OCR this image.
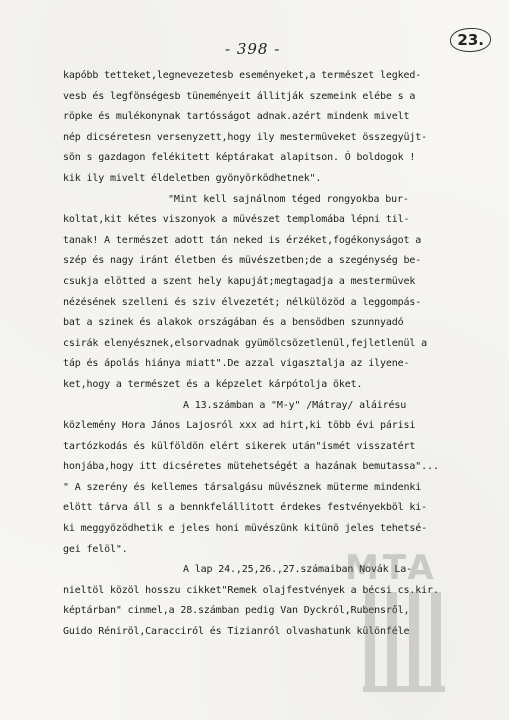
- 398 -	23.
kapóbb tetteket,legnevezetesb eseményeket,a természet legked-
vesb és legfönségesb tüneményeit állitják szemeink elébe s a
röpke és mulékonynak tartósságot adnak.azért mindenk mivelt
nép dicséretesn versenyzett,hogy ily mestermüveket összegyüjt-
sön s gazdagon felékitett képtárakat alapitson. Ó boldogok !
kik ily mivelt éldeletben gyönyörködhetnek".
"Mint kell sajnálnom téged rongyokba bur-
koltat,kit kétes viszonyok a müvészet templomába lépni til-
tanak! A természet adott tán neked is érzéket,fogékonyságot a
szép és nagy iránt életben és müvészetben;de a szegénység be-
csukja elötted a szent hely kapuját;megtagadja a mestermüvek
nézésének szelleni és sziv élvezetét; nélkülözöd a leggompás-
bat a szinek és alakok országában és a bensödben szunnyadó
csirák elenyésznek,elsorvadnak gyümölcsözetlenül,fejletlenül a
táp és ápolás hiánya miatt".De azzal vigasztalja az ilyene-
ket,hogy a természet és a képzelet kárpótolja öket.
A 13.számban a "M-y" /Mátray/ aláirésu
közlemény Hora János Lajosról xxx ad hirt,ki több évi párisi
tartózkodás és külföldön elért sikerek után"ismét visszatért
honjába,hogy itt dicséretes mütehetségét a hazának bemutassa"...
" A szerény és kellemes társalgásu müvésznek müterme mindenki
elött tárva áll s a bennkfelállitott érdekes festvényekböl ki-
ki meggyözödhetik e jeles honi müvészünk kitünö jeles tehetsé-
gei felöl".
A lap 24.,25,26.,27.számaiban Novák La-
nieltöl közöl hosszu cikket"Remek olajfestvények a bécsi cs.kir.
képtárban" cinmel,a 28.számban pedig Van Dyckról,Rubensről,
Guido Réniröl,Caracciról és Tizianról olvashatunk különféle
MTA
